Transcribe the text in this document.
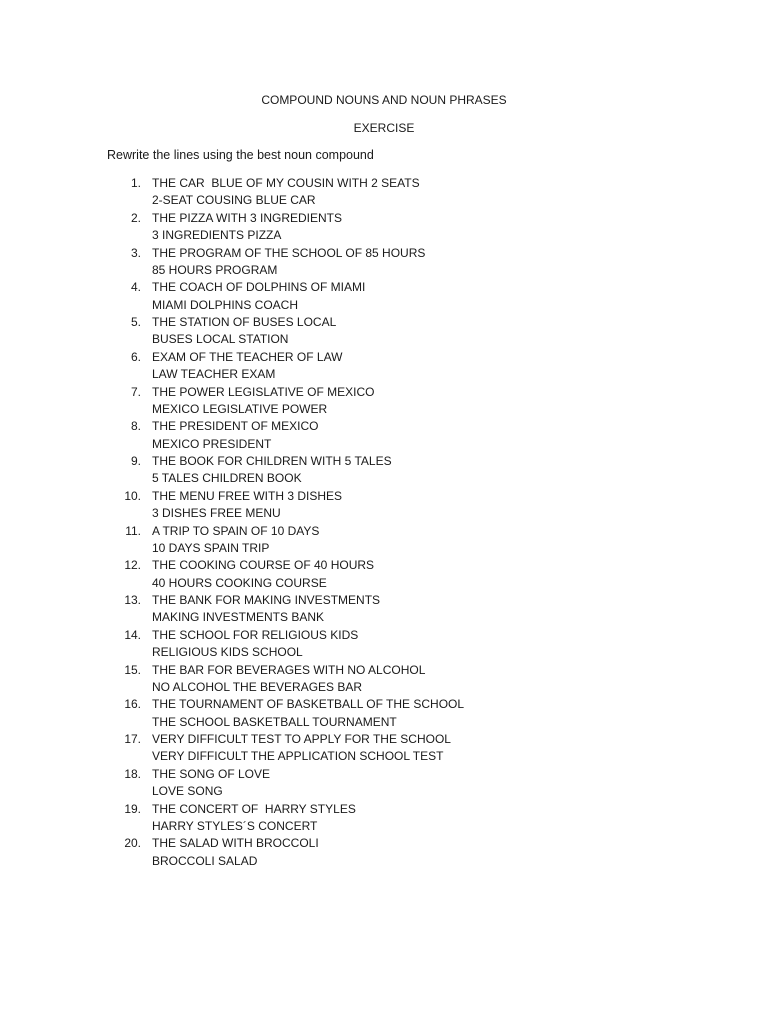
COMPOUND NOUNS AND NOUN PHRASES
EXERCISE
Rewrite the lines using the best noun compound
1. THE CAR  BLUE OF MY COUSIN WITH 2 SEATS
2-SEAT COUSING BLUE CAR
2. THE PIZZA WITH 3 INGREDIENTS
3 INGREDIENTS PIZZA
3. THE PROGRAM OF THE SCHOOL OF 85 HOURS
85 HOURS PROGRAM
4. THE COACH OF DOLPHINS OF MIAMI
MIAMI DOLPHINS COACH
5. THE STATION OF BUSES LOCAL
BUSES LOCAL STATION
6. EXAM OF THE TEACHER OF LAW
LAW TEACHER EXAM
7. THE POWER LEGISLATIVE OF MEXICO
MEXICO LEGISLATIVE POWER
8. THE PRESIDENT OF MEXICO
MEXICO PRESIDENT
9. THE BOOK FOR CHILDREN WITH 5 TALES
5 TALES CHILDREN BOOK
10. THE MENU FREE WITH 3 DISHES
3 DISHES FREE MENU
11. A TRIP TO SPAIN OF 10 DAYS
10 DAYS SPAIN TRIP
12. THE COOKING COURSE OF 40 HOURS
40 HOURS COOKING COURSE
13. THE BANK FOR MAKING INVESTMENTS
MAKING INVESTMENTS BANK
14. THE SCHOOL FOR RELIGIOUS KIDS
RELIGIOUS KIDS SCHOOL
15. THE BAR FOR BEVERAGES WITH NO ALCOHOL
NO ALCOHOL THE BEVERAGES BAR
16. THE TOURNAMENT OF BASKETBALL OF THE SCHOOL
THE SCHOOL BASKETBALL TOURNAMENT
17. VERY DIFFICULT TEST TO APPLY FOR THE SCHOOL
VERY DIFFICULT THE APPLICATION SCHOOL TEST
18. THE SONG OF LOVE
LOVE SONG
19. THE CONCERT OF  HARRY STYLES
HARRY STYLES´S CONCERT
20. THE SALAD WITH BROCCOLI
BROCCOLI SALAD
